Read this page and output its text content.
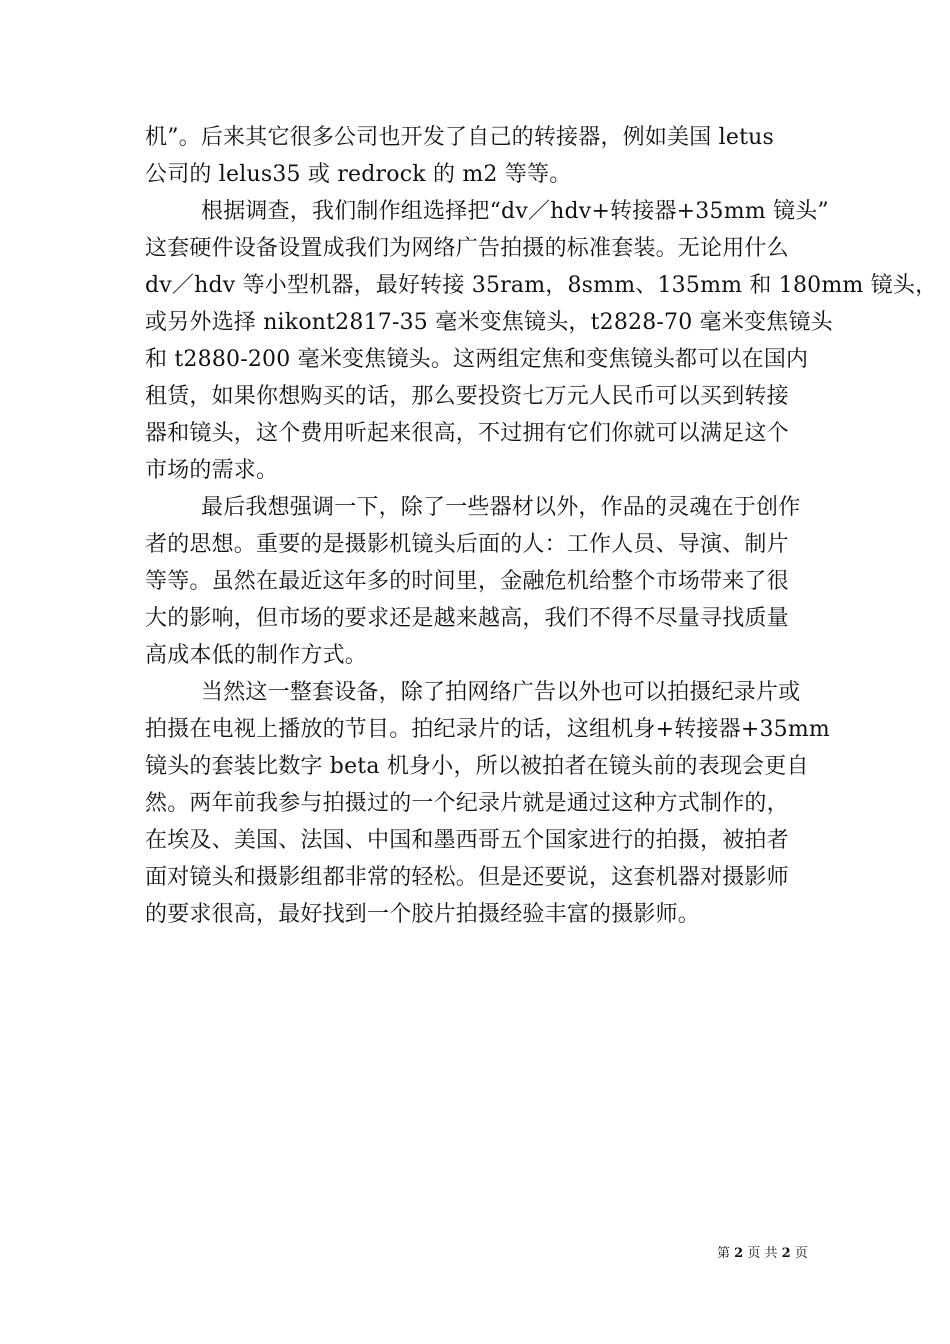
机”。后来其它很多公司也开发了自己的转接器，例如美国 letus
公司的 lelus35 或 redrock 的 m2 等等。
根据调查，我们制作组选择把“dv／hdv+转接器+35mm 镜头”
这套硬件设备设置成我们为网络广告拍摄的标准套装。无论用什么
dv／hdv 等小型机器，最好转接 35ram，8smm、135mm 和 180mm 镜头，
或另外选择 nikont2817-35 毫米变焦镜头，t2828-70 毫米变焦镜头
和 t2880-200 毫米变焦镜头。这两组定焦和变焦镜头都可以在国内
租赁，如果你想购买的话，那么要投资七万元人民币可以买到转接
器和镜头，这个费用听起来很高，不过拥有它们你就可以满足这个
市场的需求。
最后我想强调一下，除了一些器材以外，作品的灵魂在于创作
者的思想。重要的是摄影机镜头后面的人：工作人员、导演、制片
等等。虽然在最近这年多的时间里，金融危机给整个市场带来了很
大的影响，但市场的要求还是越来越高，我们不得不尽量寻找质量
高成本低的制作方式。
当然这一整套设备，除了拍网络广告以外也可以拍摄纪录片或
拍摄在电视上播放的节目。拍纪录片的话，这组机身+转接器+35mm
镜头的套装比数字 beta 机身小，所以被拍者在镜头前的表现会更自
然。两年前我参与拍摄过的一个纪录片就是通过这种方式制作的，
在埃及、美国、法国、中国和墨西哥五个国家进行的拍摄，被拍者
面对镜头和摄影组都非常的轻松。但是还要说，这套机器对摄影师
的要求很高，最好找到一个胶片拍摄经验丰富的摄影师。
第 2 页 共 2 页
